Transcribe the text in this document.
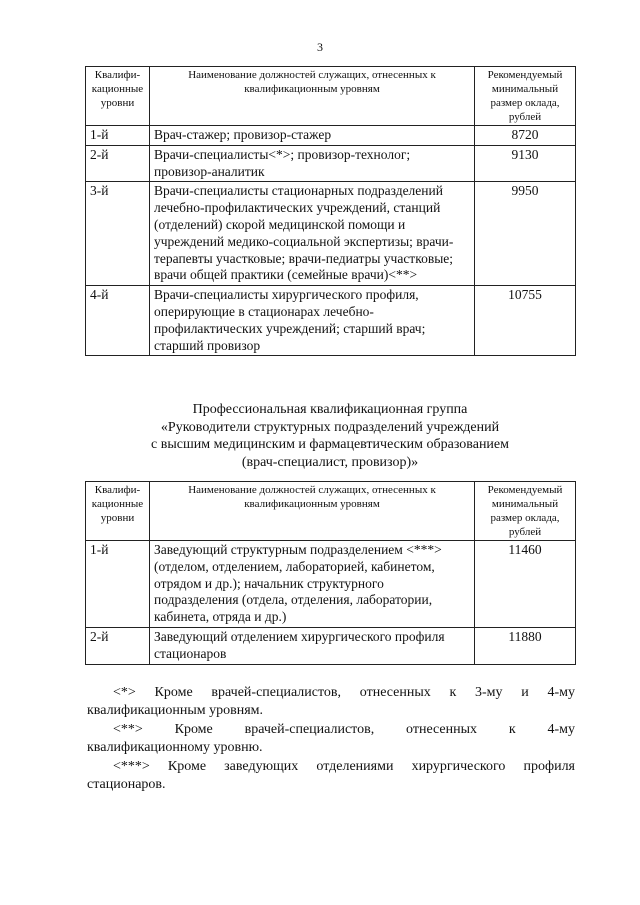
3
Квалифи-кационные уровни	Наименование должностей служащих, отнесенных к квалификационным уровням	Рекомендуемый минимальный размер оклада, рублей
1-й	Врач-стажер; провизор-стажер	8720
2-й	Врачи-специалисты<*>; провизор-технолог; провизор-аналитик	9130
3-й	Врачи-специалисты стационарных подразделений лечебно-профилактических учреждений, станций (отделений) скорой медицинской помощи и учреждений медико-социальной экспертизы; врачи-терапевты участковые; врачи-педиатры участковые; врачи общей практики (семейные врачи)<**>	9950
4-й	Врачи-специалисты хирургического профиля, оперирующие в стационарах лечебно-профилактических учреждений; старший врач; старший провизор	10755
Профессиональная квалификационная группа
«Руководители структурных подразделений учреждений
с высшим медицинским и фармацевтическим образованием
(врач-специалист, провизор)»
Квалифи-кационные уровни	Наименование должностей служащих, отнесенных к квалификационным уровням	Рекомендуемый минимальный размер оклада, рублей
1-й	Заведующий структурным подразделением <***> (отделом, отделением, лабораторией, кабинетом, отрядом и др.); начальник структурного подразделения (отдела, отделения, лаборатории, кабинета, отряда и др.)	11460
2-й	Заведующий отделением хирургического профиля стационаров	11880

<*> Кроме врачей-специалистов, отнесенных к 3-му и 4-му

квалификационным уровням.

<**> Кроме врачей-специалистов, отнесенных к 4-му

квалификационному уровню.

<***> Кроме заведующих отделениями хирургического профиля

стационаров.
